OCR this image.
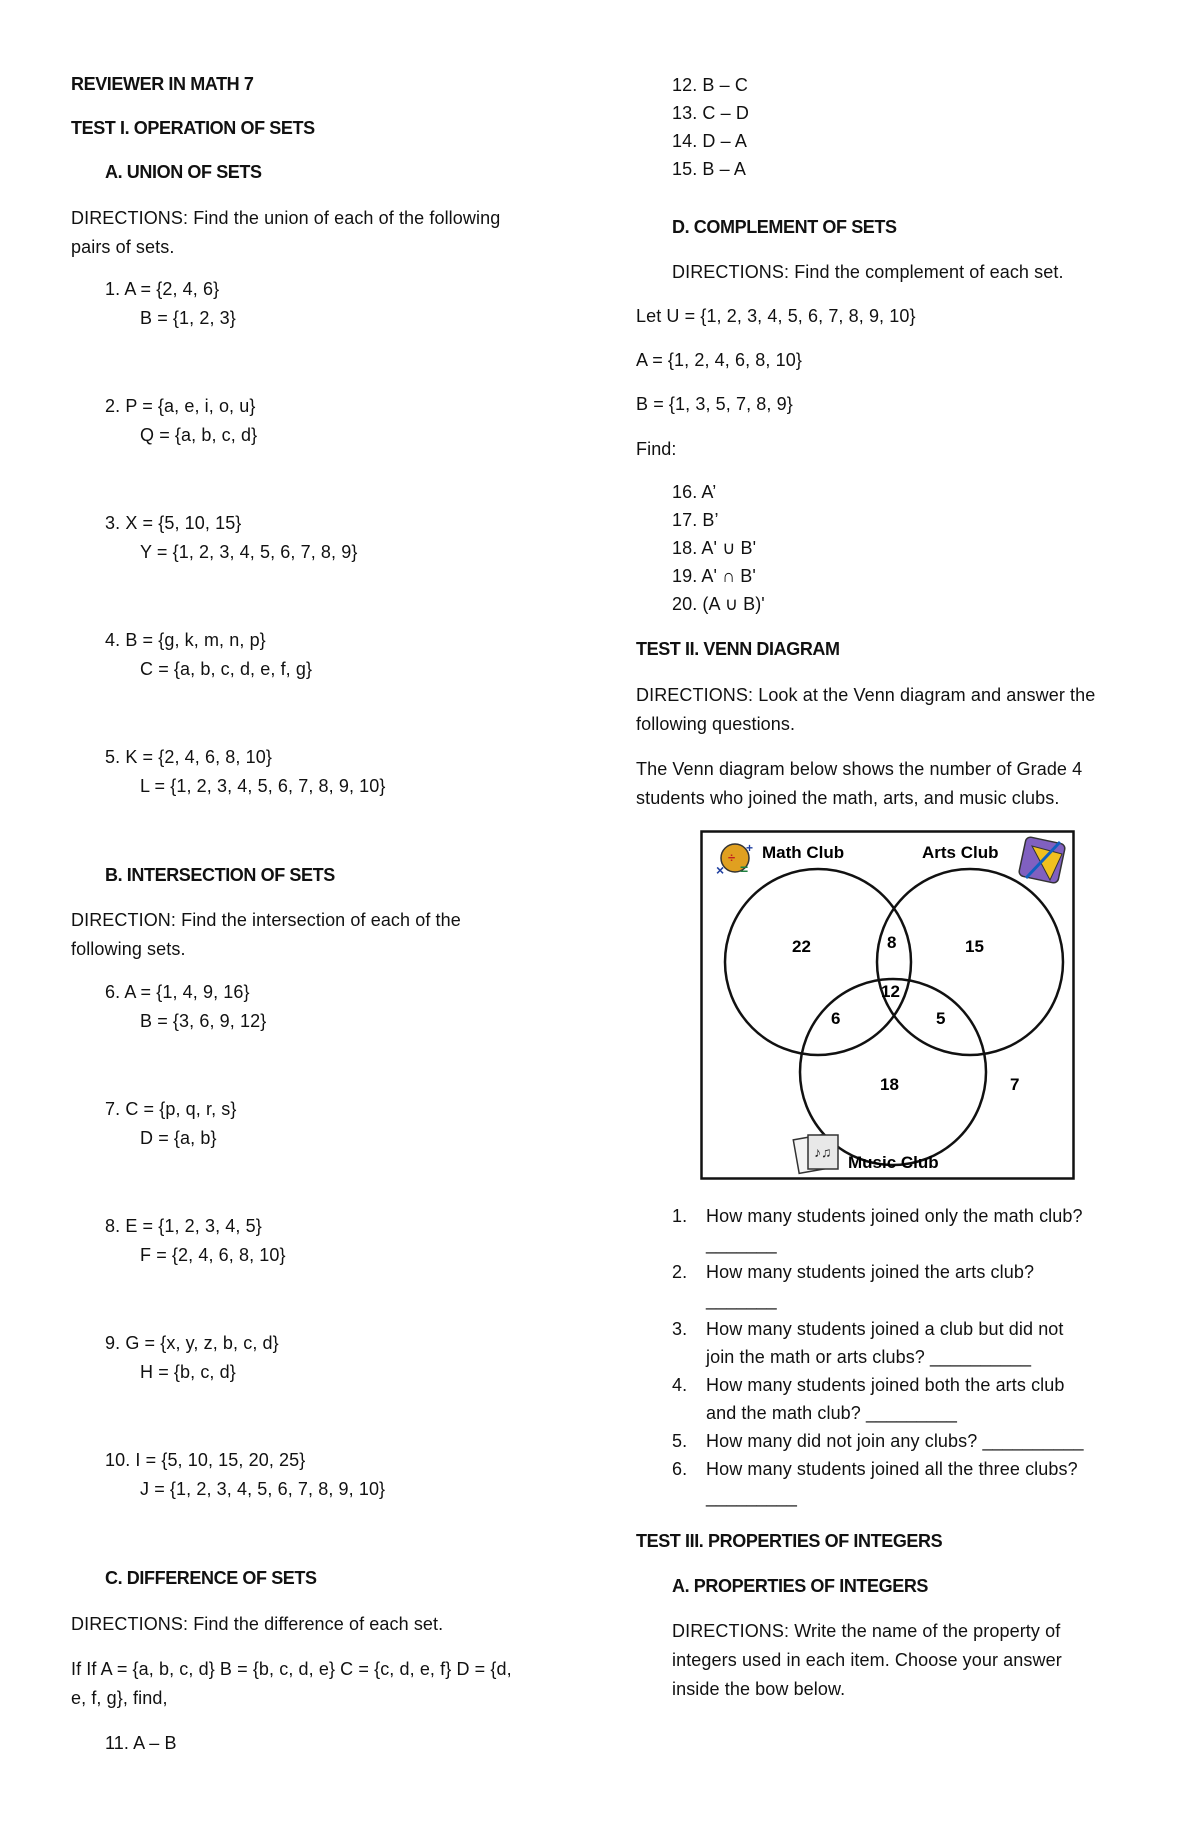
REVIEWER IN MATH 7
TEST I. OPERATION OF SETS
A. UNION OF SETS
DIRECTIONS: Find the union of each of the following
pairs of sets.
1. A = {2, 4, 6}
B = {1, 2, 3}
2. P = {a, e, i, o, u}
Q = {a, b, c, d}
3. X = {5, 10, 15}
Y = {1, 2, 3, 4, 5, 6, 7, 8, 9}
4. B = {g, k, m, n, p}
C = {a, b, c, d, e, f, g}
5. K = {2, 4, 6, 8, 10}
L = {1, 2, 3, 4, 5, 6, 7, 8, 9, 10}
B. INTERSECTION OF SETS
DIRECTION: Find the intersection of each of the
following sets.
6. A = {1, 4, 9, 16}
B = {3, 6, 9, 12}
7. C = {p, q, r, s}
D = {a, b}
8. E = {1, 2, 3, 4, 5}
F = {2, 4, 6, 8, 10}
9. G = {x, y, z, b, c, d}
H = {b, c, d}
10. I = {5, 10, 15, 20, 25}
J = {1, 2, 3, 4, 5, 6, 7, 8, 9, 10}
C. DIFFERENCE OF SETS
DIRECTIONS: Find the difference of each set.
If If A = {a, b, c, d} B = {b, c, d, e} C = {c, d, e, f} D = {d,
e, f, g}, find,
11. A – B
12. B – C
13. C – D
14. D – A
15. B – A
D. COMPLEMENT OF SETS
DIRECTIONS: Find the complement of each set.
Let U = {1, 2, 3, 4, 5, 6, 7, 8, 9, 10}
A = {1, 2, 4, 6, 8, 10}
B = {1, 3, 5, 7, 8, 9}
Find:
16. A’
17. B’
18. A' ∪ B'
19. A' ∩ B'
20. (A ∪ B)'
TEST II. VENN DIAGRAM
DIRECTIONS: Look at the Venn diagram and answer the
following questions.
The Venn diagram below shows the number of Grade 4
students who joined the math, arts, and music clubs.
1. How many students joined only the math club?
_______
2. How many students joined the arts club?
_______
3. How many students joined a club but did not
join the math or arts clubs? __________
4. How many students joined both the arts club
and the math club? _________
5. How many did not join any clubs? __________
6. How many students joined all the three clubs?
_________
TEST III. PROPERTIES OF INTEGERS
A. PROPERTIES OF INTEGERS
DIRECTIONS: Write the name of the property of
integers used in each item. Choose your answer
inside the bow below.
×
÷
=
+
♪♫
Math Club	Arts Club
Music Club
22	8	15
12
6	5
18	7
